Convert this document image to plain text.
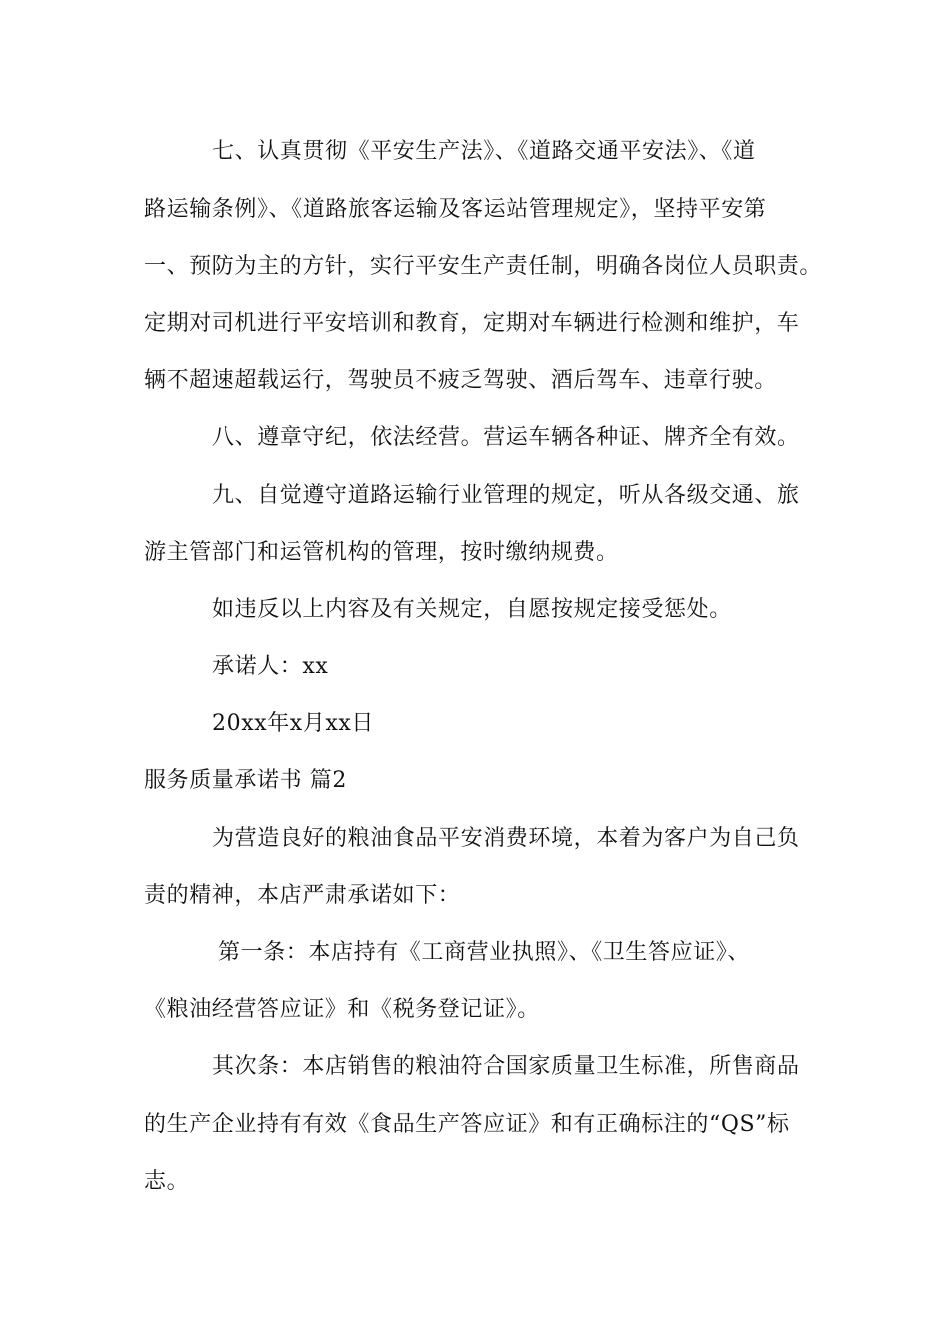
七、认真贯彻《平安生产法》、《道路交通平安法》、《道
路运输条例》、《道路旅客运输及客运站管理规定》，坚持平安第
一、预防为主的方针，实行平安生产责任制，明确各岗位人员职责。
定期对司机进行平安培训和教育，定期对车辆进行检测和维护，车
辆不超速超载运行，驾驶员不疲乏驾驶、酒后驾车、违章行驶。
八、遵章守纪，依法经营。营运车辆各种证、牌齐全有效。
九、自觉遵守道路运输行业管理的规定，听从各级交通、旅
游主管部门和运管机构的管理，按时缴纳规费。
如违反以上内容及有关规定，自愿按规定接受惩处。
承诺人：xx
20xx年x月xx日
服务质量承诺书 篇2
为营造良好的粮油食品平安消费环境，本着为客户为自己负
责的精神，本店严肃承诺如下：
第一条：本店持有《工商营业执照》、《卫生答应证》、
《粮油经营答应证》和《税务登记证》。
其次条：本店销售的粮油符合国家质量卫生标准，所售商品
的生产企业持有有效《食品生产答应证》和有正确标注的“QS”标
志。
